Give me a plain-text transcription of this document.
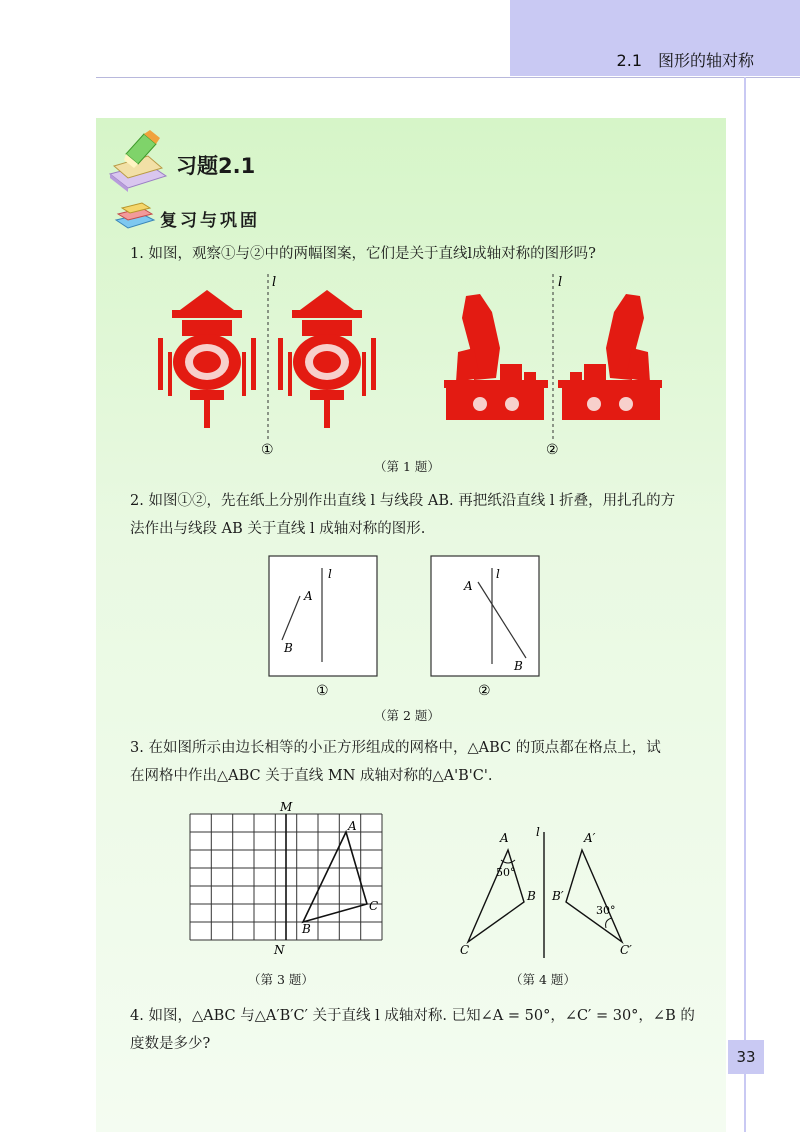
2.1　图形的轴对称
习题2.1
复习与巩固
1. 如图，观察①与②中的两幅图案，它们是关于直线l成轴对称的图形吗?
l
①
l
②
（第 1 题）
2. 如图①②，先在纸上分别作出直线 l 与线段 AB. 再把纸沿直线 l 折叠，用扎孔的方
法作出与线段 AB 关于直线 l 成轴对称的图形.
l
A
B
①
l
A
B
②
（第 2 题）
3. 在如图所示由边长相等的小正方形组成的网格中，△ABC 的顶点都在格点上，试
在网格中作出△ABC 关于直线 MN 成轴对称的△A'B'C'.
M
N
A
C
B
（第 3 题）
l
A
50°
B
C
A′
B′
30°
C′
（第 4 题）
4. 如图，△ABC 与△A′B′C′ 关于直线 l 成轴对称. 已知∠A = 50°，∠C′ = 30°，∠B 的
度数是多少?
33
